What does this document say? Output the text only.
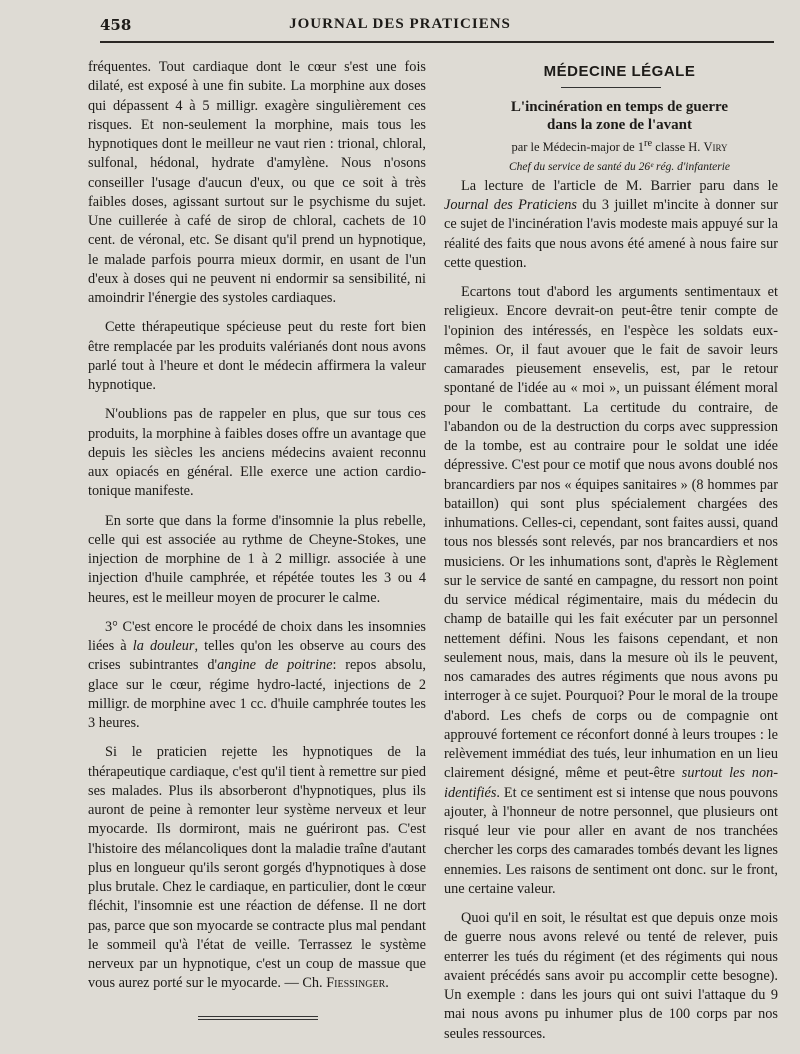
458	JOURNAL DES PRATICIENS

fréquentes. Tout cardiaque dont le cœur s'est une fois dilaté, est exposé à une fin subite. La morphine aux doses qui dépassent 4 à 5 milligr. exagère singulièrement ces risques. Et non-seulement la morphine, mais tous les hypnotiques dont le meilleur ne vaut rien : trional, chloral, sulfonal, hédonal, hydrate d'amylène. Nous n'osons conseiller l'usage d'aucun d'eux, ou que ce soit à très faibles doses, agissant surtout sur le psychisme du sujet. Une cuillerée à café de sirop de chloral, cachets de 10 cent. de véronal, etc. Se disant qu'il prend un hypnotique, le malade parfois pourra mieux dormir, en usant de l'un d'eux à doses qui ne peuvent ni endormir sa sensibilité, ni amoindrir l'énergie des systoles cardiaques.

Cette thérapeutique spécieuse peut du reste fort bien être remplacée par les produits valérianés dont nous avons parlé tout à l'heure et dont le médecin affirmera la valeur hypnotique.

N'oublions pas de rappeler en plus, que sur tous ces produits, la morphine à faibles doses offre un avantage que depuis les siècles les anciens médecins avaient reconnu aux opiacés en général. Elle exerce une action cardio-tonique manifeste.

En sorte que dans la forme d'insomnie la plus rebelle, celle qui est associée au rythme de Cheyne-Stokes, une injection de morphine de 1 à 2 milligr. associée à une injection d'huile camphrée, et répétée toutes les 3 ou 4 heures, est le meilleur moyen de procurer le calme.

3° C'est encore le procédé de choix dans les insomnies liées à la douleur, telles qu'on les observe au cours des crises subintrantes d'angine de poitrine: repos absolu, glace sur le cœur, régime hydro-lacté, injections de 2 milligr. de morphine avec 1 cc. d'huile camphrée toutes les 3 heures.

Si le praticien rejette les hypnotiques de la thérapeutique cardiaque, c'est qu'il tient à remettre sur pied ses malades. Plus ils absorberont d'hypnotiques, plus ils auront de peine à remonter leur système nerveux et leur myocarde. Ils dormiront, mais ne guériront pas. C'est l'histoire des mélancoliques dont la maladie traîne d'autant plus en longueur qu'ils seront gorgés d'hypnotiques à dose plus brutale. Chez le cardiaque, en particulier, dont le cœur fléchit, l'insomnie est une réaction de défense. Il ne dort pas, parce que son myocarde se contracte plus mal pendant le sommeil qu'à l'état de veille. Terrassez le système nerveux par un hypnotique, c'est un coup de massue que vous aurez porté sur le myocarde. — Ch. Fiessinger.

MÉDECINE LÉGALE

L'incinération en temps de guerre

dans la zone de l'avant

par le Médecin-major de 1re classe H. Viry

Chef du service de santé du 26ᵉ rég. d'infanterie

La lecture de l'article de M. Barrier paru dans le Journal des Praticiens du 3 juillet m'incite à donner sur ce sujet de l'incinération l'avis modeste mais appuyé sur la réalité des faits que nous avons été amené à nous faire sur cette question.

Ecartons tout d'abord les arguments sentimentaux et religieux. Encore devrait-on peut-être tenir compte de l'opinion des intéressés, en l'espèce les soldats eux-mêmes. Or, il faut avouer que le fait de savoir leurs camarades pieusement ensevelis, est, par le retour spontané de l'idée au « moi », un puissant élément moral pour le combattant. La certitude du contraire, de l'abandon ou de la destruction du corps avec suppression de la tombe, est au contraire pour le soldat une idée dépressive. C'est pour ce motif que nous avons doublé nos brancardiers par nos « équipes sanitaires » (8 hommes par bataillon) qui sont plus spécialement chargées des inhumations. Celles-ci, cependant, sont faites aussi, quand tous nos blessés sont relevés, par nos brancardiers et nos musiciens. Or les inhumations sont, d'après le Règlement sur le service de santé en campagne, du ressort non point du service médical régimentaire, mais du médecin du champ de bataille qui les fait exécuter par un personnel nettement défini. Nous les faisons cependant, et non seulement nous, mais, dans la mesure où ils le peuvent, nos camarades des autres régiments que nous avons pu interroger à ce sujet. Pourquoi? Pour le moral de la troupe d'abord. Les chefs de corps ou de compagnie ont approuvé fortement ce réconfort donné à leurs troupes : le relèvement immédiat des tués, leur inhumation en un lieu clairement désigné, même et peut-être surtout les non-identifiés. Et ce sentiment est si intense que nous pouvons ajouter, à l'honneur de notre personnel, que plusieurs ont risqué leur vie pour aller en avant de nos tranchées chercher les corps des camarades tombés devant les lignes ennemies. Les raisons de sentiment ont donc. sur le front, une certaine valeur.

Quoi qu'il en soit, le résultat est que depuis onze mois de guerre nous avons relevé ou tenté de relever, puis enterrer les tués du régiment (et des régiments qui nous avaient précédés sans avoir pu accomplir cette besogne). Un exemple : dans les jours qui ont suivi l'attaque du 9 mai nous avons pu inhumer plus de 100 corps par nos seules ressources.
